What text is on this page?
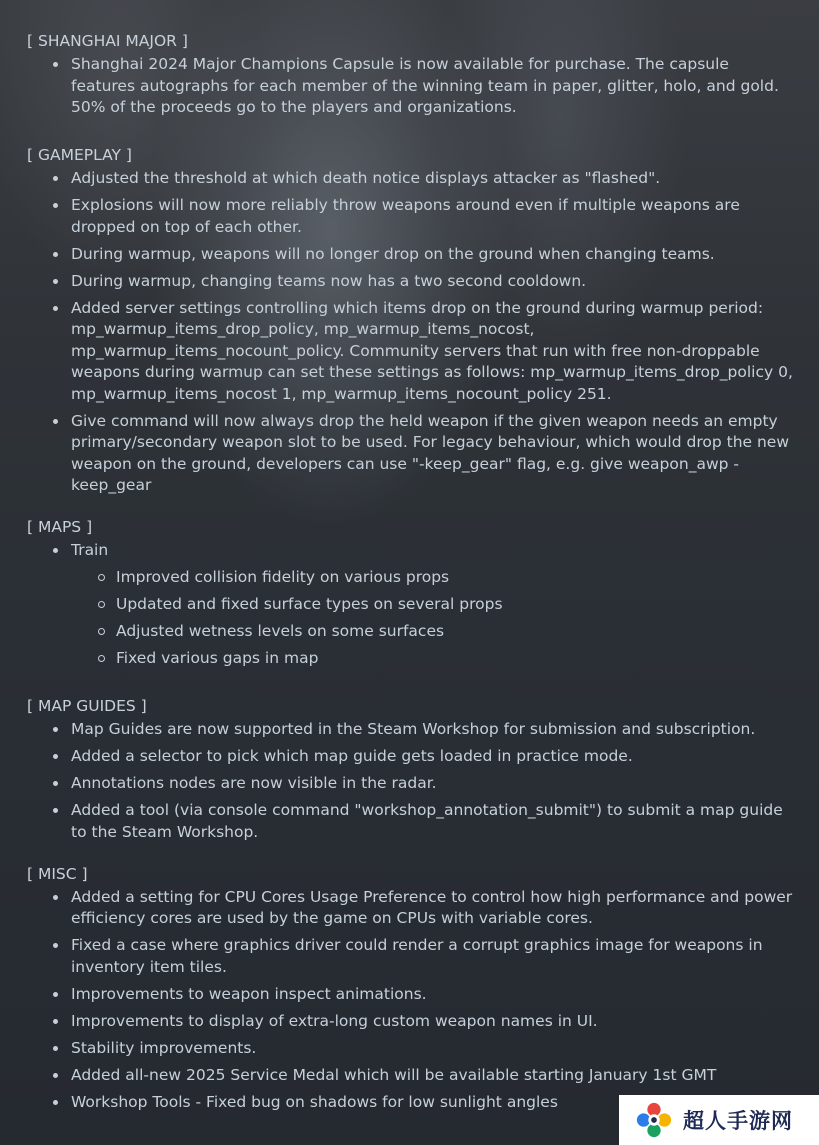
[ SHANGHAI MAJOR ]
Shanghai 2024 Major Champions Capsule is now available for purchase. The capsule features autographs for each member of the winning team in paper, glitter, holo, and gold. 50% of the proceeds go to the players and organizations.
[ GAMEPLAY ]
Adjusted the threshold at which death notice displays attacker as "flashed".
Explosions will now more reliably throw weapons around even if multiple weapons are dropped on top of each other.
During warmup, weapons will no longer drop on the ground when changing teams.
During warmup, changing teams now has a two second cooldown.
Added server settings controlling which items drop on the ground during warmup period: mp_warmup_items_drop_policy, mp_warmup_items_nocost, mp_warmup_items_nocount_policy. Community servers that run with free non-droppable weapons during warmup can set these settings as follows: mp_warmup_items_drop_policy 0, mp_warmup_items_nocost 1, mp_warmup_items_nocount_policy 251.
Give command will now always drop the held weapon if the given weapon needs an empty primary/secondary weapon slot to be used. For legacy behaviour, which would drop the new weapon on the ground, developers can use "-keep_gear" flag, e.g. give weapon_awp -keep_gear
[ MAPS ]
Train
Improved collision fidelity on various props
Updated and fixed surface types on several props
Adjusted wetness levels on some surfaces
Fixed various gaps in map
[ MAP GUIDES ]
Map Guides are now supported in the Steam Workshop for submission and subscription.
Added a selector to pick which map guide gets loaded in practice mode.
Annotations nodes are now visible in the radar.
Added a tool (via console command "workshop_annotation_submit") to submit a map guide to the Steam Workshop.
[ MISC ]
Added a setting for CPU Cores Usage Preference to control how high performance and power efficiency cores are used by the game on CPUs with variable cores.
Fixed a case where graphics driver could render a corrupt graphics image for weapons in inventory item tiles.
Improvements to weapon inspect animations.
Improvements to display of extra-long custom weapon names in UI.
Stability improvements.
Added all-new 2025 Service Medal which will be available starting January 1st GMT
Workshop Tools - Fixed bug on shadows for low sunlight angles
超人手游网
